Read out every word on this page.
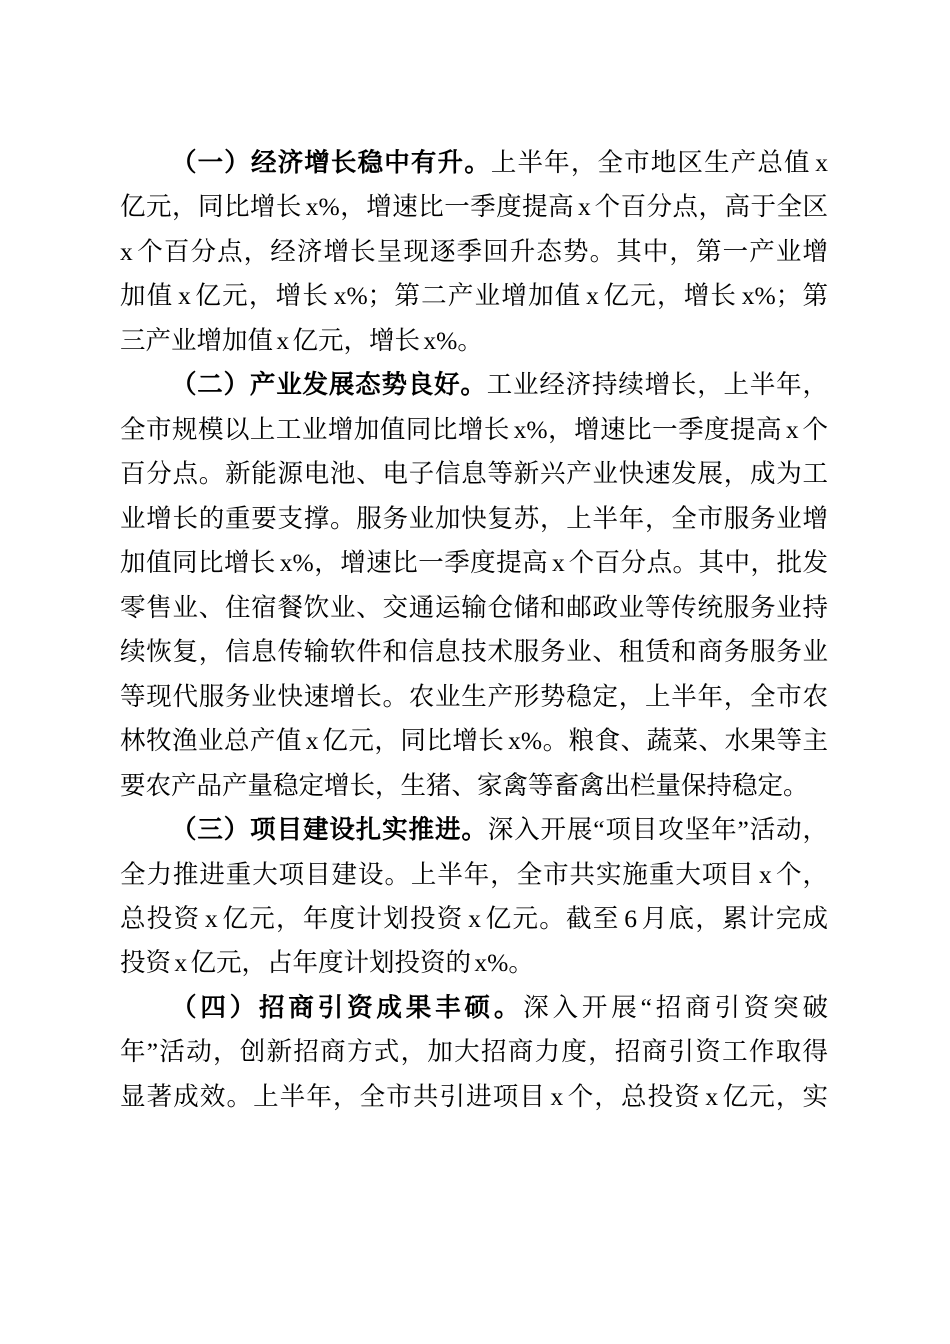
（一）经济增长稳中有升。上半年，全市地区生产总值 x
亿元，同比增长 x%，增速比一季度提高 x 个百分点，高于全区
x 个百分点，经济增长呈现逐季回升态势。其中，第一产业增
加值 x 亿元，增长 x%；第二产业增加值 x 亿元，增长 x%；第
三产业增加值 x 亿元，增长 x%。
（二）产业发展态势良好。工业经济持续增长，上半年，
全市规模以上工业增加值同比增长 x%，增速比一季度提高 x 个
百分点。新能源电池、电子信息等新兴产业快速发展，成为工
业增长的重要支撑。服务业加快复苏，上半年，全市服务业增
加值同比增长 x%，增速比一季度提高 x 个百分点。其中，批发
零售业、住宿餐饮业、交通运输仓储和邮政业等传统服务业持
续恢复，信息传输软件和信息技术服务业、租赁和商务服务业
等现代服务业快速增长。农业生产形势稳定，上半年，全市农
林牧渔业总产值 x 亿元，同比增长 x%。粮食、蔬菜、水果等主
要农产品产量稳定增长，生猪、家禽等畜禽出栏量保持稳定。
（三）项目建设扎实推进。深入开展“项目攻坚年”活动，
全力推进重大项目建设。上半年，全市共实施重大项目 x 个，
总投资 x 亿元，年度计划投资 x 亿元。截至 6 月底，累计完成
投资 x 亿元，占年度计划投资的 x%。
（四）招商引资成果丰硕。深入开展“招商引资突破
年”活动，创新招商方式，加大招商力度，招商引资工作取得
显著成效。上半年，全市共引进项目 x 个，总投资 x 亿元，实
